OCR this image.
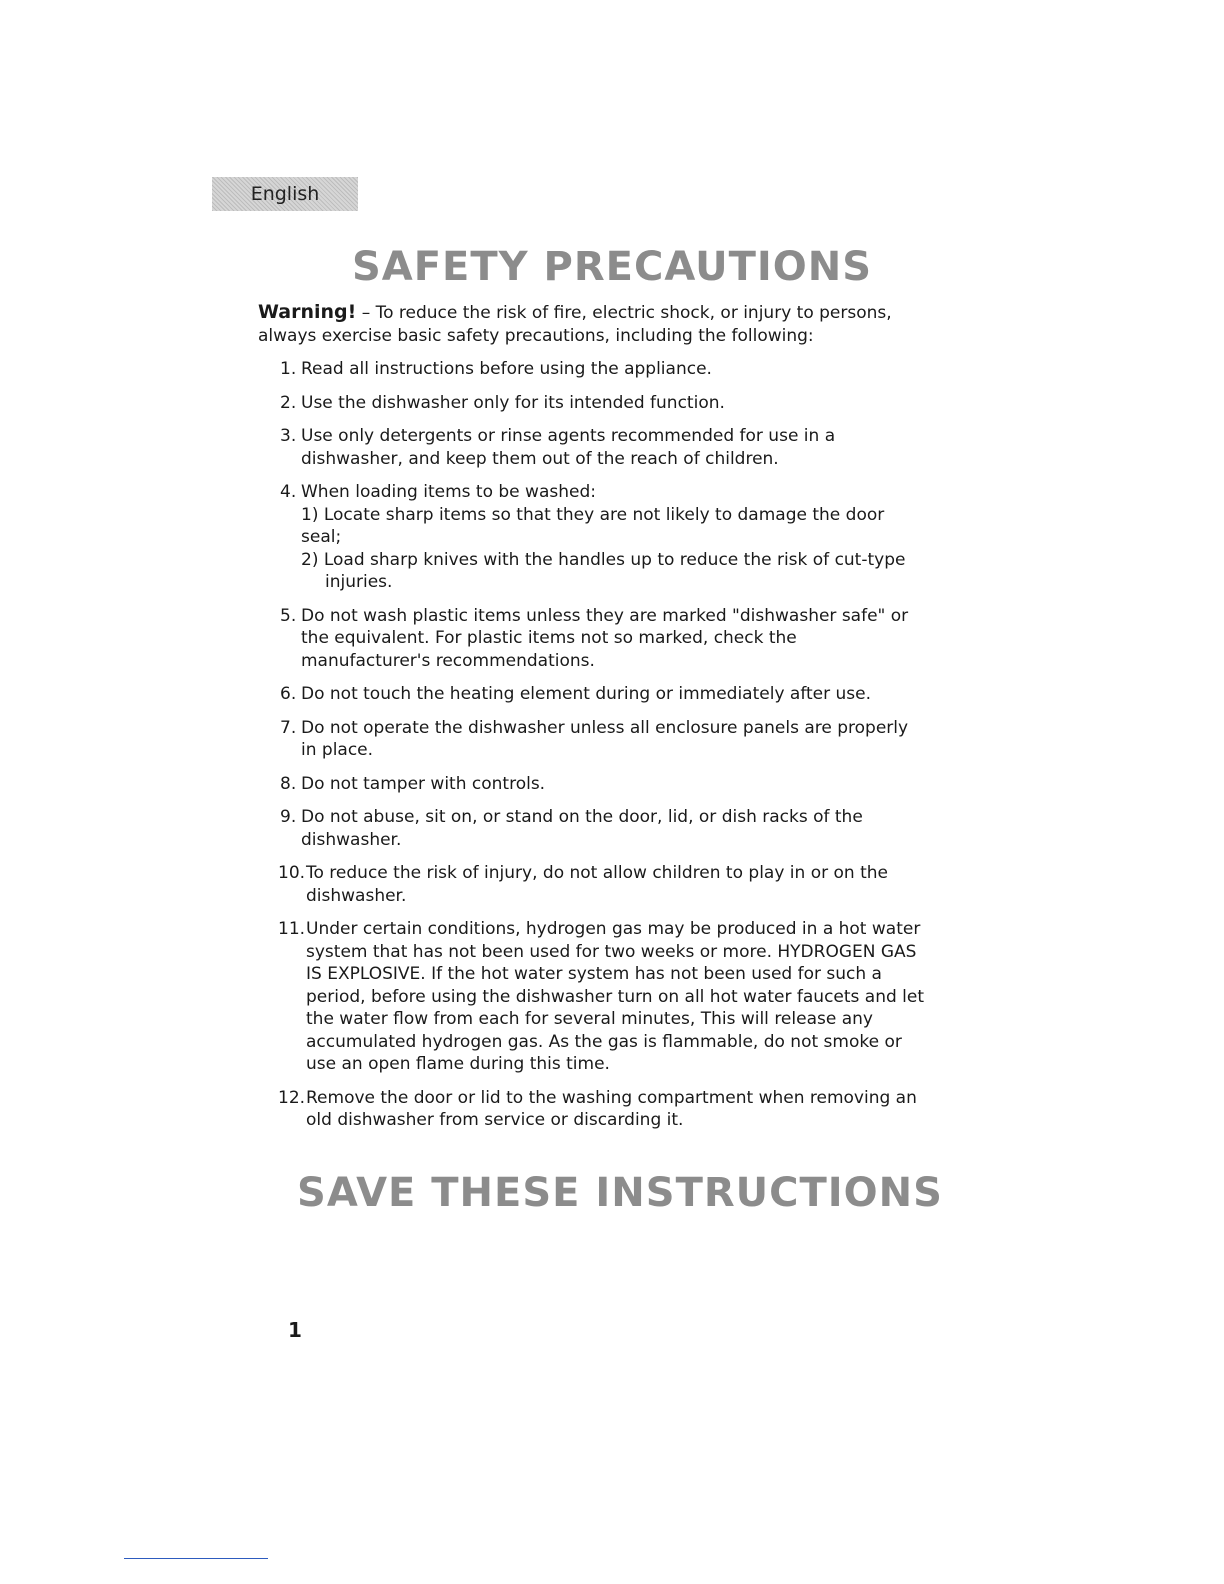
English
SAFETY PRECAUTIONS

Warning! – To reduce the risk of fire, electric shock, or injury to persons, always exercise basic safety precautions, including the following:

1. Read all instructions before using the appliance.
2. Use the dishwasher only for its intended function.
3. Use only detergents or rinse agents recommended for use in a dishwasher, and keep them out of the reach of children.
4. When loading items to be washed:
1) Locate sharp items so that they are not likely to damage the door seal;
2) Load sharp knives with the handles up to reduce the risk of cut-type injuries.
5. Do not wash plastic items unless they are marked "dishwasher safe" or the equivalent. For plastic items not so marked, check the manufacturer's recommendations.
6. Do not touch the heating element during or immediately after use.
7. Do not operate the dishwasher unless all enclosure panels are properly in place.
8. Do not tamper with controls.
9. Do not abuse, sit on, or stand on the door, lid, or dish racks of the dishwasher.
10. To reduce the risk of injury, do not allow children to play in or on the dishwasher.
11. Under certain conditions, hydrogen gas may be produced in a hot water system that has not been used for two weeks or more. HYDROGEN GAS IS EXPLOSIVE. If the hot water system has not been used for such a period, before using the dishwasher turn on all hot water faucets and let the water flow from each for several minutes, This will release any accumulated hydrogen gas. As the gas is flammable, do not smoke or use an open flame during this time.
12. Remove the door or lid to the washing compartment when removing an old dishwasher from service or discarding it.
SAVE THESE INSTRUCTIONS
1
